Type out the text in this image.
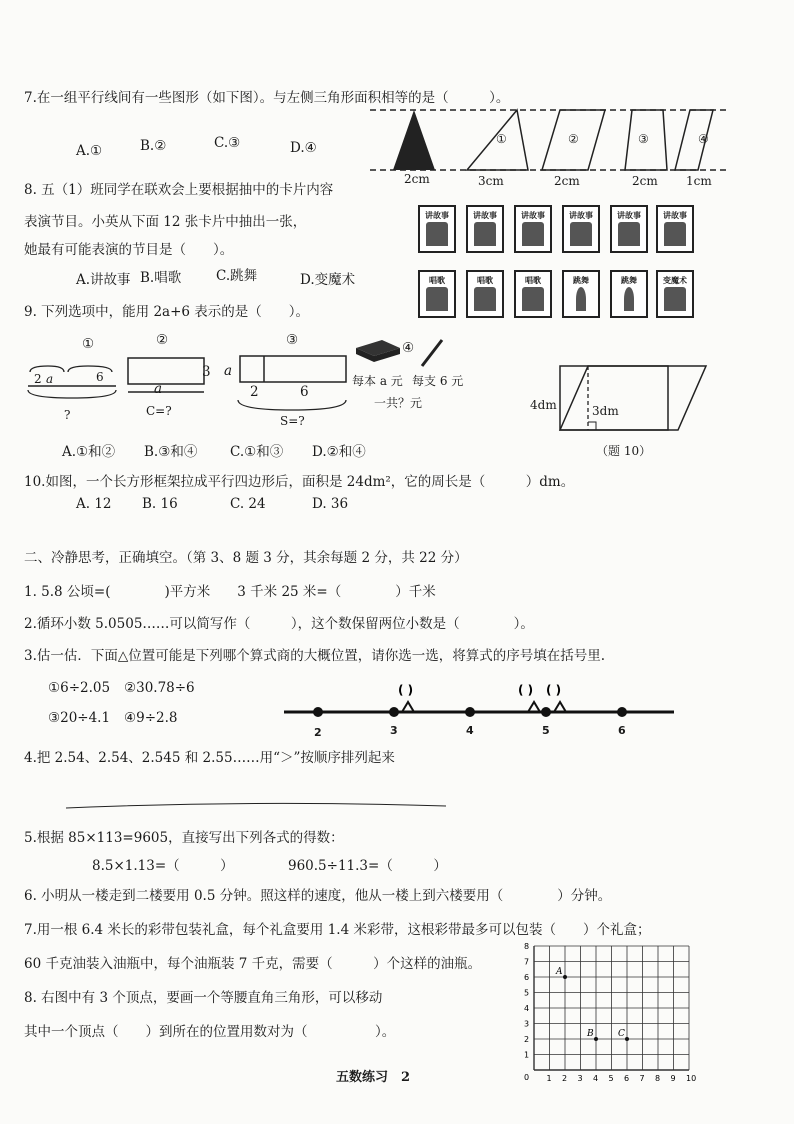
7.在一组平行线间有一些图形（如下图）。与左侧三角形面积相等的是（　　　）。
A.①	B.②	C.③	D.④
①	②	③	④
2cm	3cm	2cm	2cm 1cm
8. 五（1）班同学在联欢会上要根据抽中的卡片内容
表演节目。小英从下面 12 张卡片中抽出一张，
她最有可能表演的节目是（　　）。
A.讲故事 B.唱歌	C.跳舞	D.变魔术
讲故事	讲故事	讲故事	讲故事	讲故事	讲故事
唱歌	唱歌	唱歌	跳舞	跳舞	变魔术
9. 下列选项中，能用 2a+6 表示的是（　　）。
①	②	③	④
2 a	6
?
3
a
C=?
a
2	6
S=?
每本 a 元 每支 6 元
一共？元
A.①和② B.③和④ C.①和③ D.②和④
4dm	3dm
（题 10）
10.如图，一个长方形框架拉成平行四边形后，面积是 24dm²，它的周长是（　　　）dm。
A. 12 B. 16	C. 24	D. 36
二、冷静思考，正确填空。（第 3、8 题 3 分，其余每题 2 分，共 22 分）
1. 5.8 公顷=(　　　　)平方米　　3 千米 25 米=（　　　　）千米
2.循环小数 5.0505……可以简写作（　　　），这个数保留两位小数是（　　　　）。
3.估一估．下面△位置可能是下列哪个算式商的大概位置，请你选一选，将算式的序号填在括号里.
①6÷2.05 ②30.78÷6
③20÷4.1 ④9÷2.8
( )	( ) ( )
2	3	4	5	6
4.把 2.54、2.54̇、2.545 和 2.55……用“＞”按顺序排列起来
5.根据 85×113=9605，直接写出下列各式的得数：
8.5×1.13=（　　　）	960.5÷11.3=（　　　）
6. 小明从一楼走到二楼要用 0.5 分钟。照这样的速度，他从一楼上到六楼要用（　　　　）分钟。
7.用一根 6.4 米长的彩带包装礼盒，每个礼盒要用 1.4 米彩带，这根彩带最多可以包装（　　）个礼盒；
60 千克油装入油瓶中，每个油瓶装 7 千克，需要（　　　）个这样的油瓶。
8. 右图中有 3 个顶点，要画一个等腰直角三角形，可以移动
其中一个顶点（　　）到所在的位置用数对为（　　　　　）。
0 1 2 3 4 5 6 7 8 9 10
1
2
3
4
5
6
7
8
A
B	C
五数练习　2
